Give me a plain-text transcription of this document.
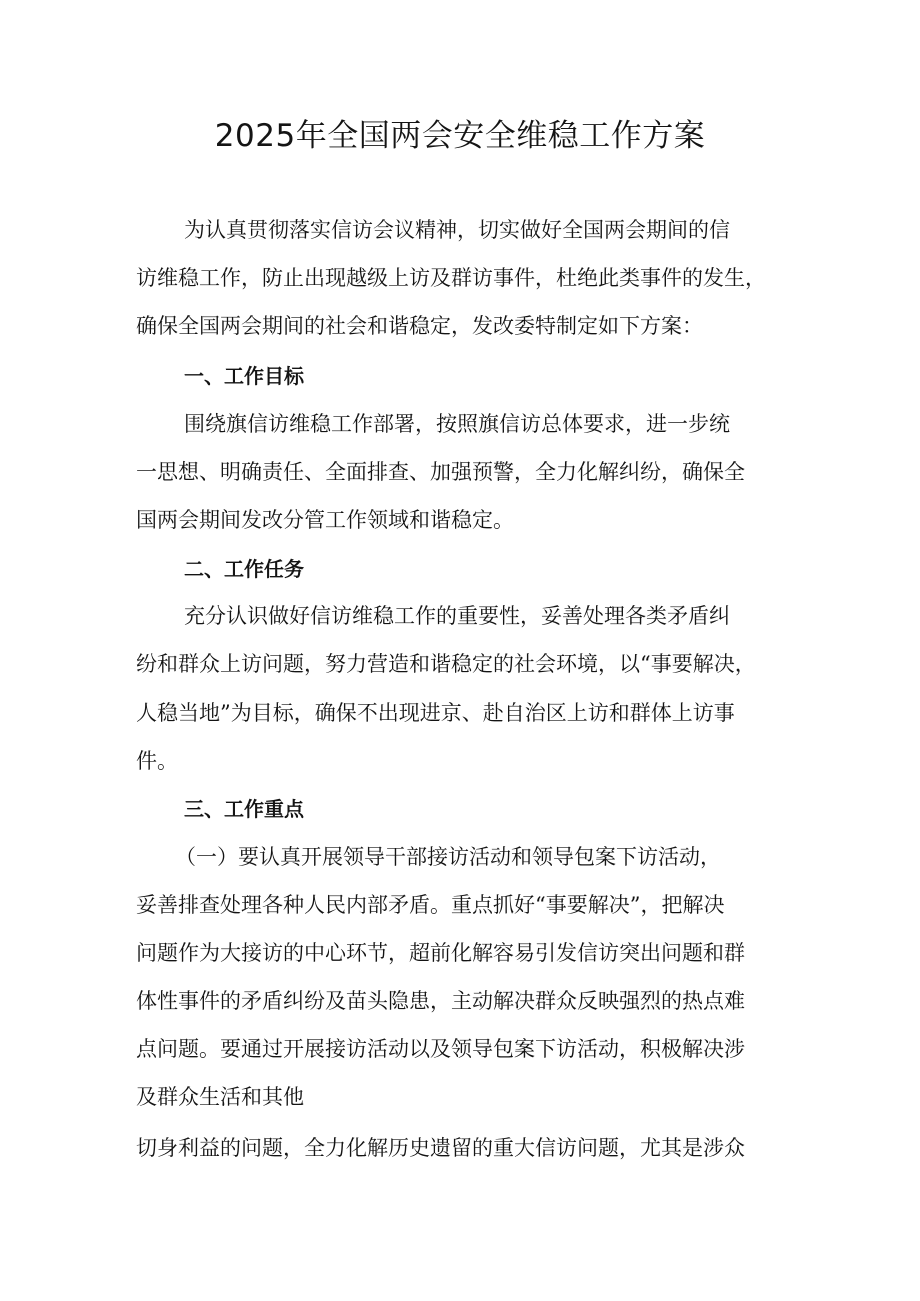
2025年全国两会安全维稳工作方案
为认真贯彻落实信访会议精神，切实做好全国两会期间的信
访维稳工作，防止出现越级上访及群访事件，杜绝此类事件的发生，
确保全国两会期间的社会和谐稳定，发改委特制定如下方案：
一、工作目标
围绕旗信访维稳工作部署，按照旗信访总体要求，进一步统
一思想、明确责任、全面排查、加强预警，全力化解纠纷，确保全
国两会期间发改分管工作领域和谐稳定。
二、工作任务
充分认识做好信访维稳工作的重要性，妥善处理各类矛盾纠
纷和群众上访问题，努力营造和谐稳定的社会环境，以“事要解决，
人稳当地”为目标，确保不出现进京、赴自治区上访和群体上访事
件。
三、工作重点
（一）要认真开展领导干部接访活动和领导包案下访活动，
妥善排查处理各种人民内部矛盾。重点抓好“事要解决”，把解决
问题作为大接访的中心环节，超前化解容易引发信访突出问题和群
体性事件的矛盾纠纷及苗头隐患，主动解决群众反映强烈的热点难
点问题。要通过开展接访活动以及领导包案下访活动，积极解决涉
及群众生活和其他
切身利益的问题，全力化解历史遗留的重大信访问题，尤其是涉众
